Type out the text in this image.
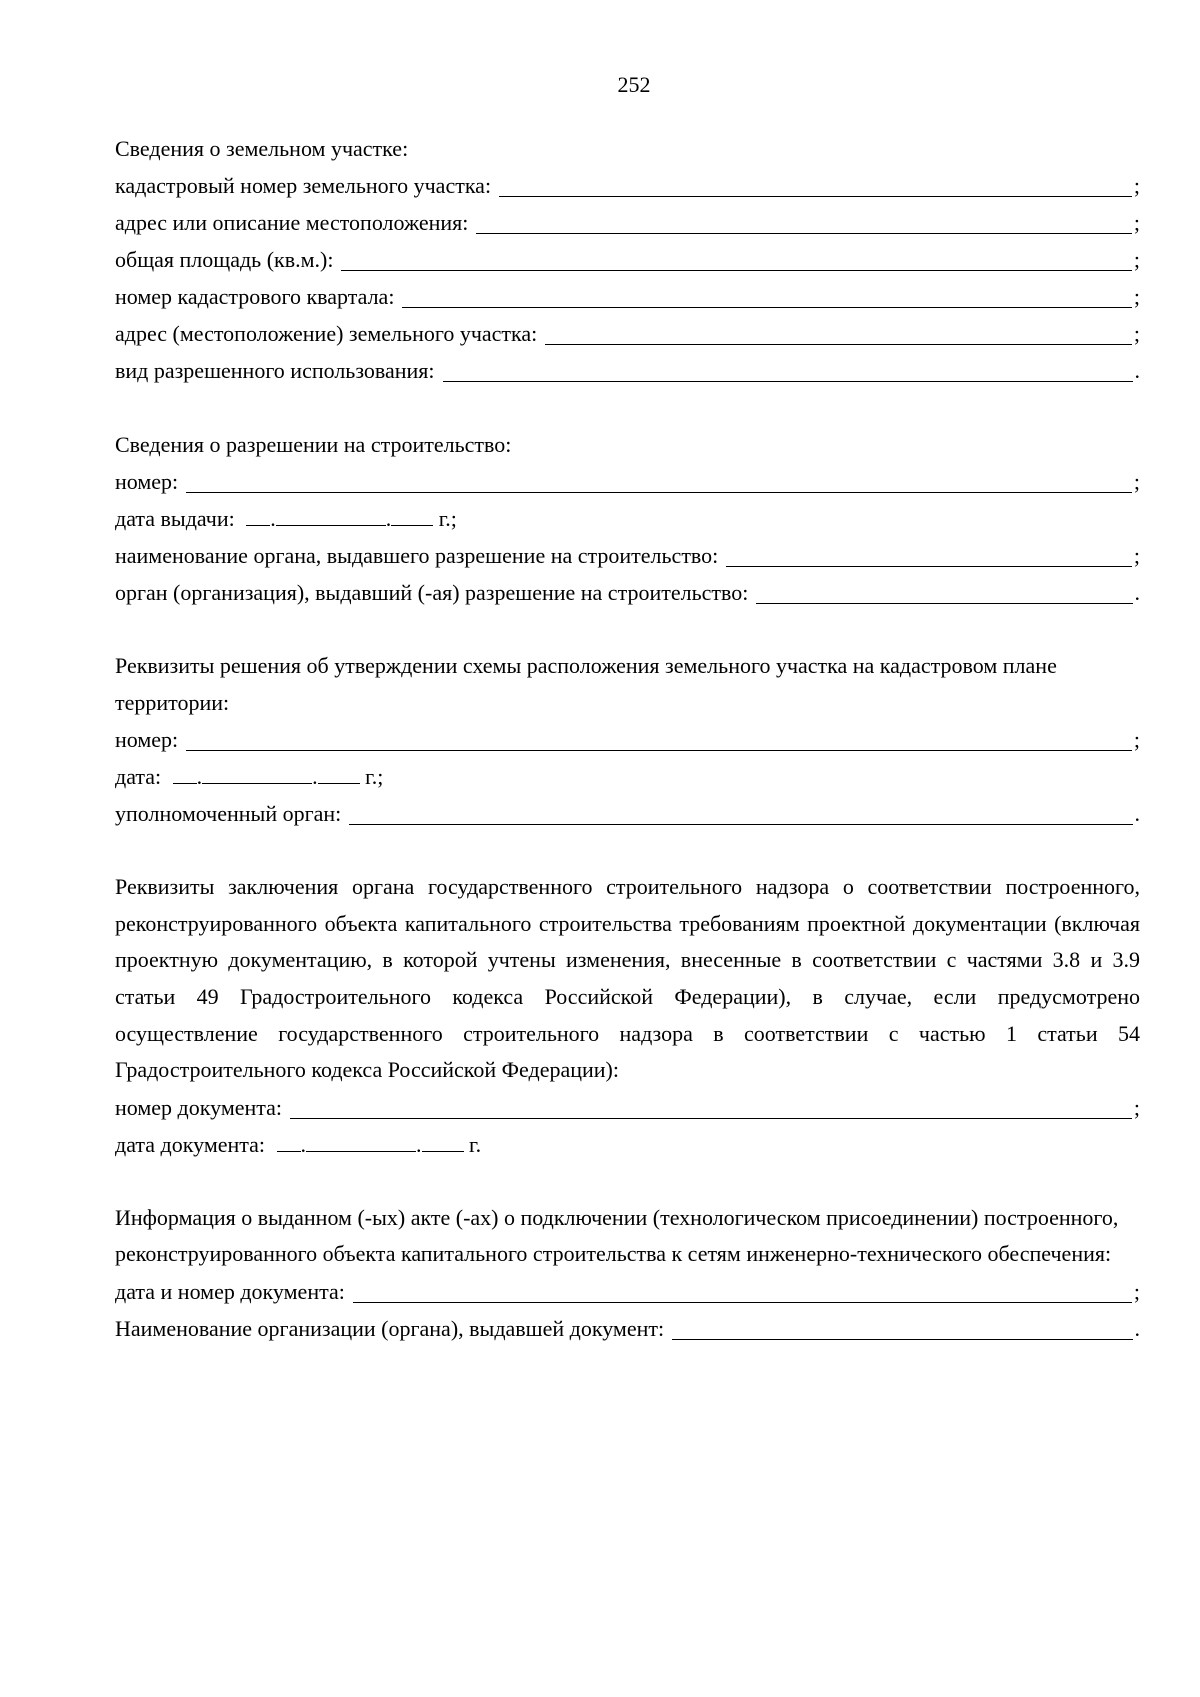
252
Сведения о земельном участке:
кадастровый номер земельного участка:	;
адрес или описание местоположения:	;
общая площадь (кв.м.):	;
номер кадастрового квартала:	;
адрес (местоположение) земельного участка:	;
вид разрешенного использования:	.
Сведения о разрешении на строительство:
номер:	;
дата выдачи: .	. г.;
наименование органа, выдавшего разрешение на строительство:	;
орган (организация), выдавший (-ая) разрешение на строительство:	.
Реквизиты решения об утверждении схемы расположения земельного участка на кадастровом плане территории:
номер:	;
дата: .	. г.;
уполномоченный орган:	.
Реквизиты заключения органа государственного строительного надзора о соответствии построенного, реконструированного объекта капитального строительства требованиям проектной документации (включая проектную документацию, в которой учтены изменения, внесенные в соответствии с частями 3.8 и 3.9 статьи 49 Градостроительного кодекса Российской Федерации), в случае, если предусмотрено осуществление государственного строительного надзора в соответствии с частью 1 статьи 54 Градостроительного кодекса Российской Федерации):
номер документа:	;
дата документа: .	. г.
Информация о выданном (-ых) акте (-ах) о подключении (технологическом присоединении) построенного, реконструированного объекта капитального строительства к сетям инженерно-технического обеспечения:
дата и номер документа:	;
Наименование организации (органа), выдавшей документ:	.
